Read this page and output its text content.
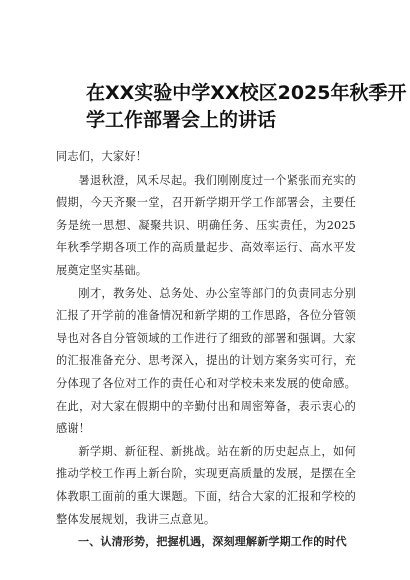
在XX实验中学XX校区2025年秋季开
学工作部署会上的讲话

同志们，大家好！

暑退秋澄，风禾尽起。我们刚刚度过一个紧张而充实的假期，今天齐聚一堂，召开新学期开学工作部署会，主要任务是统一思想、凝聚共识、明确任务、压实责任，为2025年秋季学期各项工作的高质量起步、高效率运行、高水平发展奠定坚实基础。

刚才，教务处、总务处、办公室等部门的负责同志分别汇报了开学前的准备情况和新学期的工作思路，各位分管领导也对各自分管领域的工作进行了细致的部署和强调。大家的汇报准备充分、思考深入，提出的计划方案务实可行，充分体现了各位对工作的责任心和对学校未来发展的使命感。在此，对大家在假期中的辛勤付出和周密筹备，表示衷心的感谢！

新学期、新征程、新挑战。站在新的历史起点上，如何推动学校工作再上新台阶，实现更高质量的发展，是摆在全体教职工面前的重大课题。下面，结合大家的汇报和学校的整体发展规划，我讲三点意见。

一、认清形势，把握机遇，深刻理解新学期工作的时代
